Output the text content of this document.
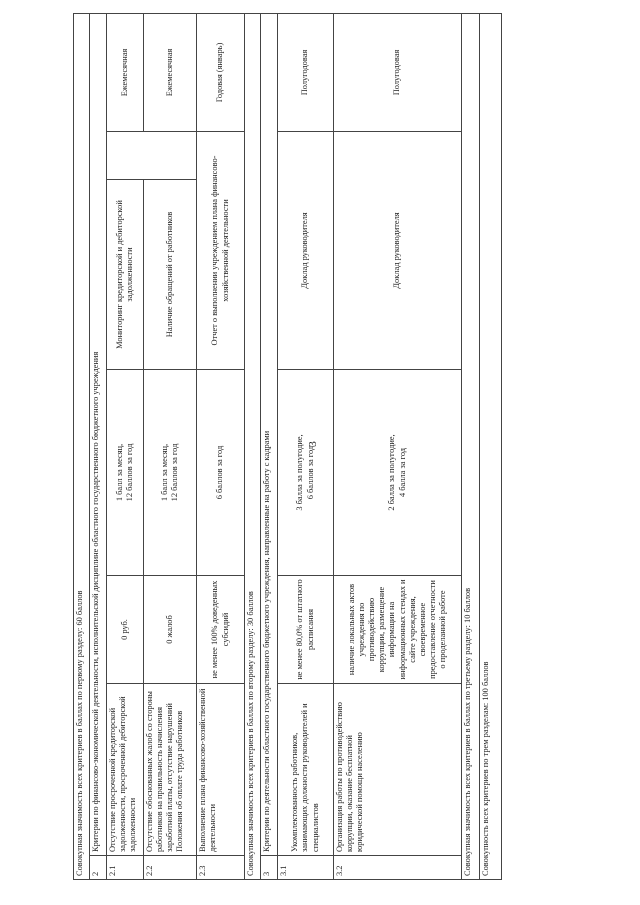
3
Совокупная значимость всех критериев в баллах по первому разделу: 60 баллов						
2	Критерии по финансово-экономической деятельности, исполнительской дисциплине областного государственного бюджетного учреждения					
2.1	Отсутствие просроченной кредиторской задолженности, просроченной дебиторской задолженности	0 руб.	1 балл за месяц,
12 баллов за год	Мониторинг кредиторской и дебиторской задолженности		Ежемесячная
2.2	Отсутствие обоснованных жалоб со стороны работников на правильность начисления заработной платы, отсутствие нарушений Положения об оплате труда работников	0 жалоб	1 балл за месяц,
12 баллов за год	Наличие обращений от работников		Ежемесячная
2.3	Выполнение плана финансово-хозяйственной деятельности	не менее 100% доведенных субсидий	6 баллов за год	Отчет о выполнении учреждением плана финансово-хозяйственной деятельности		Годовая (январь)
Совокупная значимость всех критериев в баллах по второму разделу: 30 баллов						
3	Критерии по деятельности областного государственного бюджетного учреждения, направленные на работу с кадрами					
3.1	Укомплектованность работников, занимающих должности руководителей и специалистов	не менее 80,0% от штатного расписания	3 балла за полугодие,
6 баллов за год	Доклад руководителя		Полугодовая
3.2	Организация работы по противодействию коррупции, оказание бесплатной юридической помощи населению	наличие локальных актов учреждения по противодействию коррупции, размещение информации на информационных стендах и сайте учреждения, своевременное предоставление отчетности о проделанной работе	2 балла за полугодие,
4 балла за год	Доклад руководителя		Полугодовая
Совокупная значимость всех критериев в баллах по третьему разделу: 10 баллов						
Совокупность всех критериев по трем разделам: 100 баллов						
